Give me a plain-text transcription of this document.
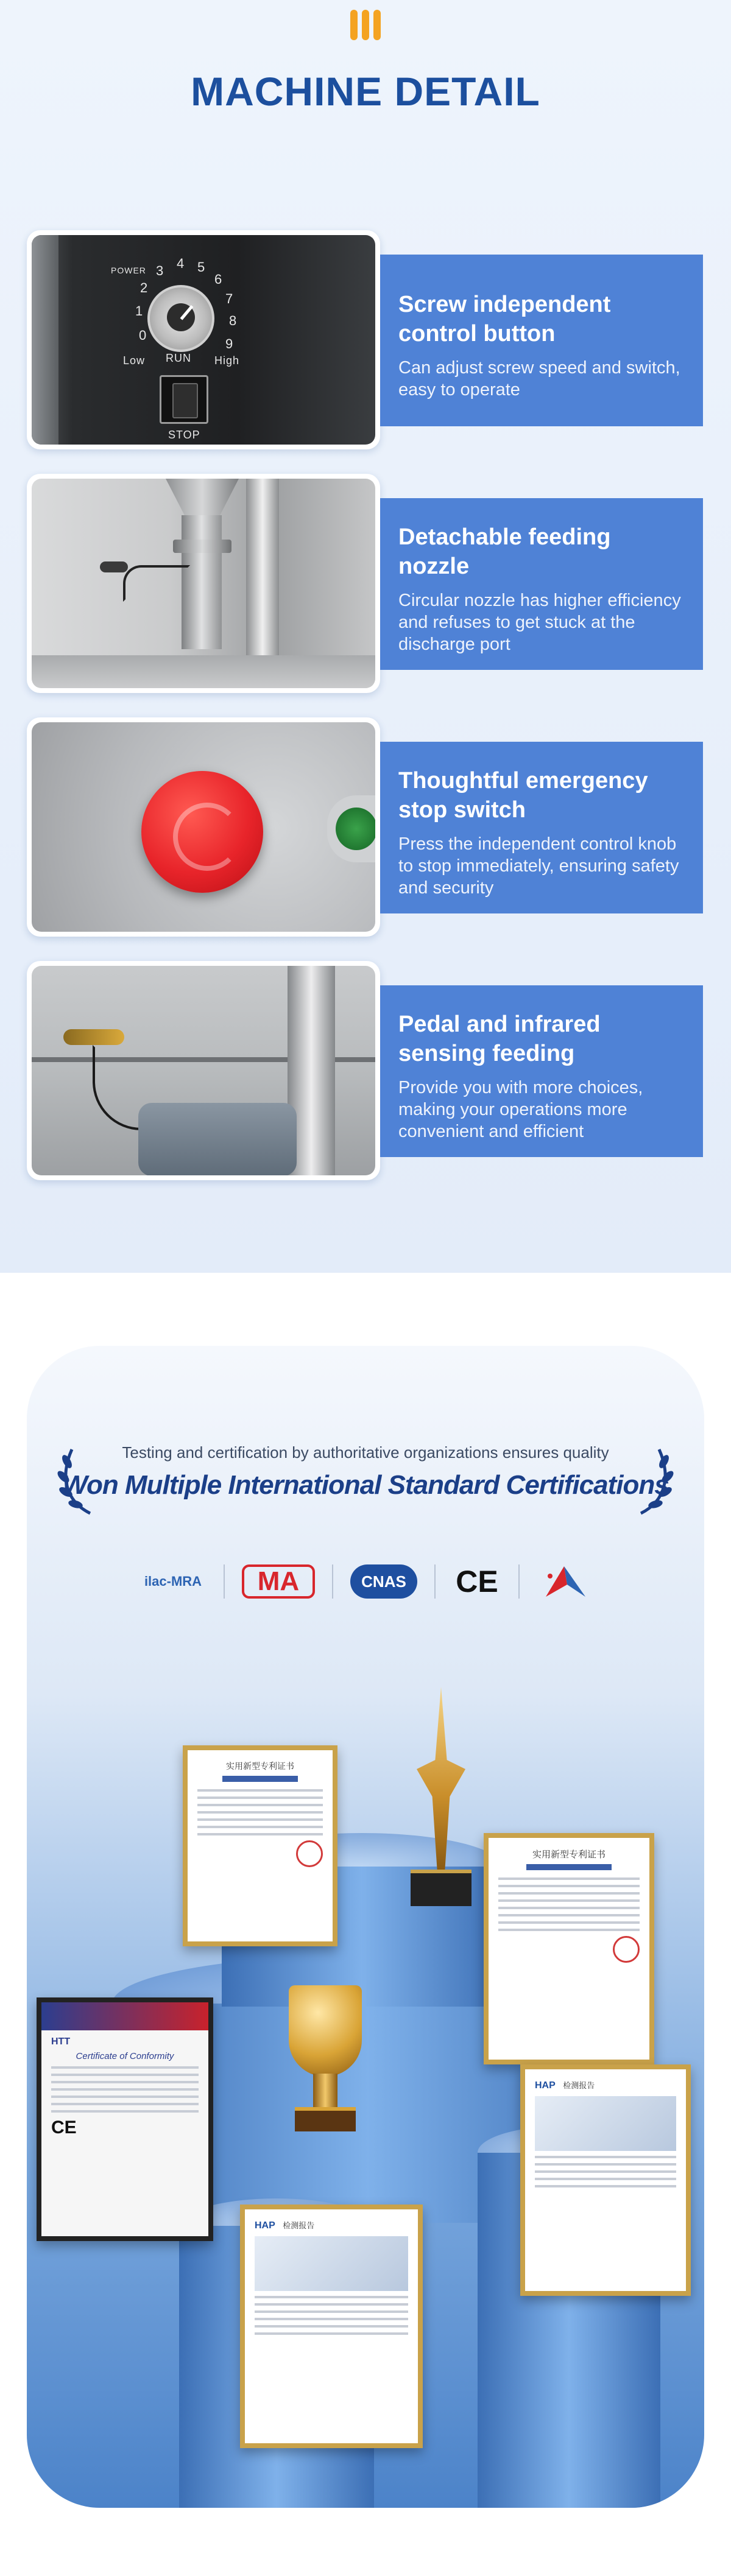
MACHINE DETAIL
POWER
0
1
2
3 4 5
6
7
8
9
RUN
Low	High
STOP
Screw independent control button

Can adjust screw speed and switch, easy to operate

Detachable feeding nozzle

Circular nozzle has higher efficiency and refuses to get stuck at the discharge port

Thoughtful emergency stop switch

Press the independent control knob to stop immediately, ensuring safety and security

Pedal and infrared sensing feeding

Provide you with more choices, making your operations more convenient and efficient

Testing and certification by authoritative organizations ensures quality

Won Multiple International Standard Certifications
ilac-MRA	MA	CNAS	CE
实用新型专利证书
实用新型专利证书
HTT
Certificate of Conformity
CE
HAP 检测报告
HAP 检测报告
